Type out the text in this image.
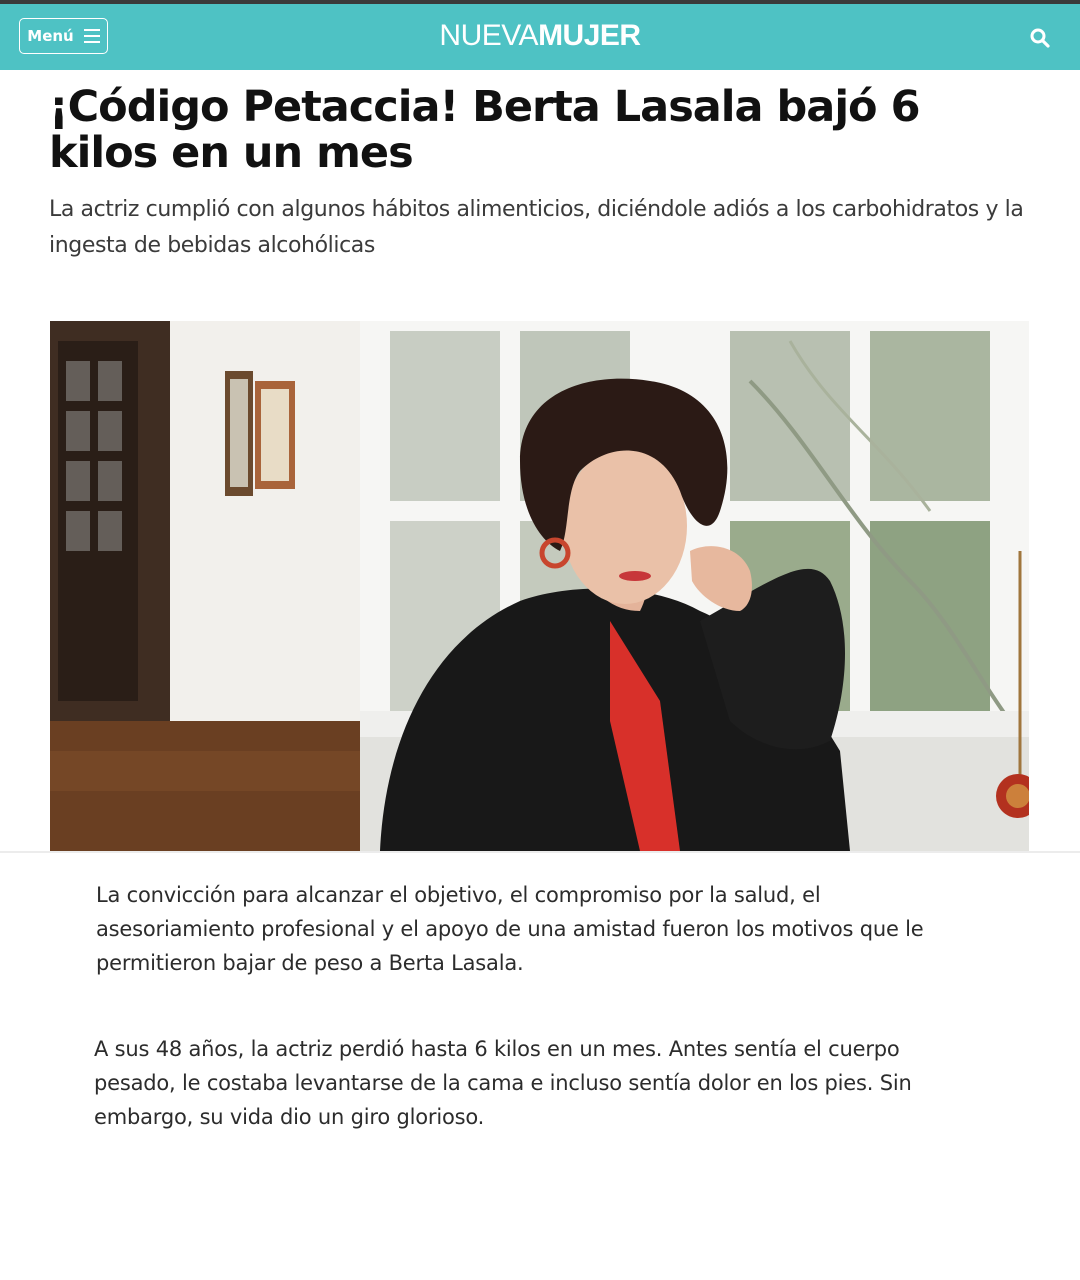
Menú	NUEVAMUJER
¡Código Petaccia! Berta Lasala bajó 6 kilos en un mes

La actriz cumplió con algunos hábitos alimenticios, diciéndole adiós a los carbohidratos y la ingesta de bebidas alcohólicas

La convicción para alcanzar el objetivo, el compromiso por la salud, el asesoriamiento profesional y el apoyo de una amistad fueron los motivos que le permitieron bajar de peso a Berta Lasala.

A sus 48 años, la actriz perdió hasta 6 kilos en un mes. Antes sentía el cuerpo pesado, le costaba levantarse de la cama e incluso sentía dolor en los pies. Sin embargo, su vida dio un giro glorioso.
